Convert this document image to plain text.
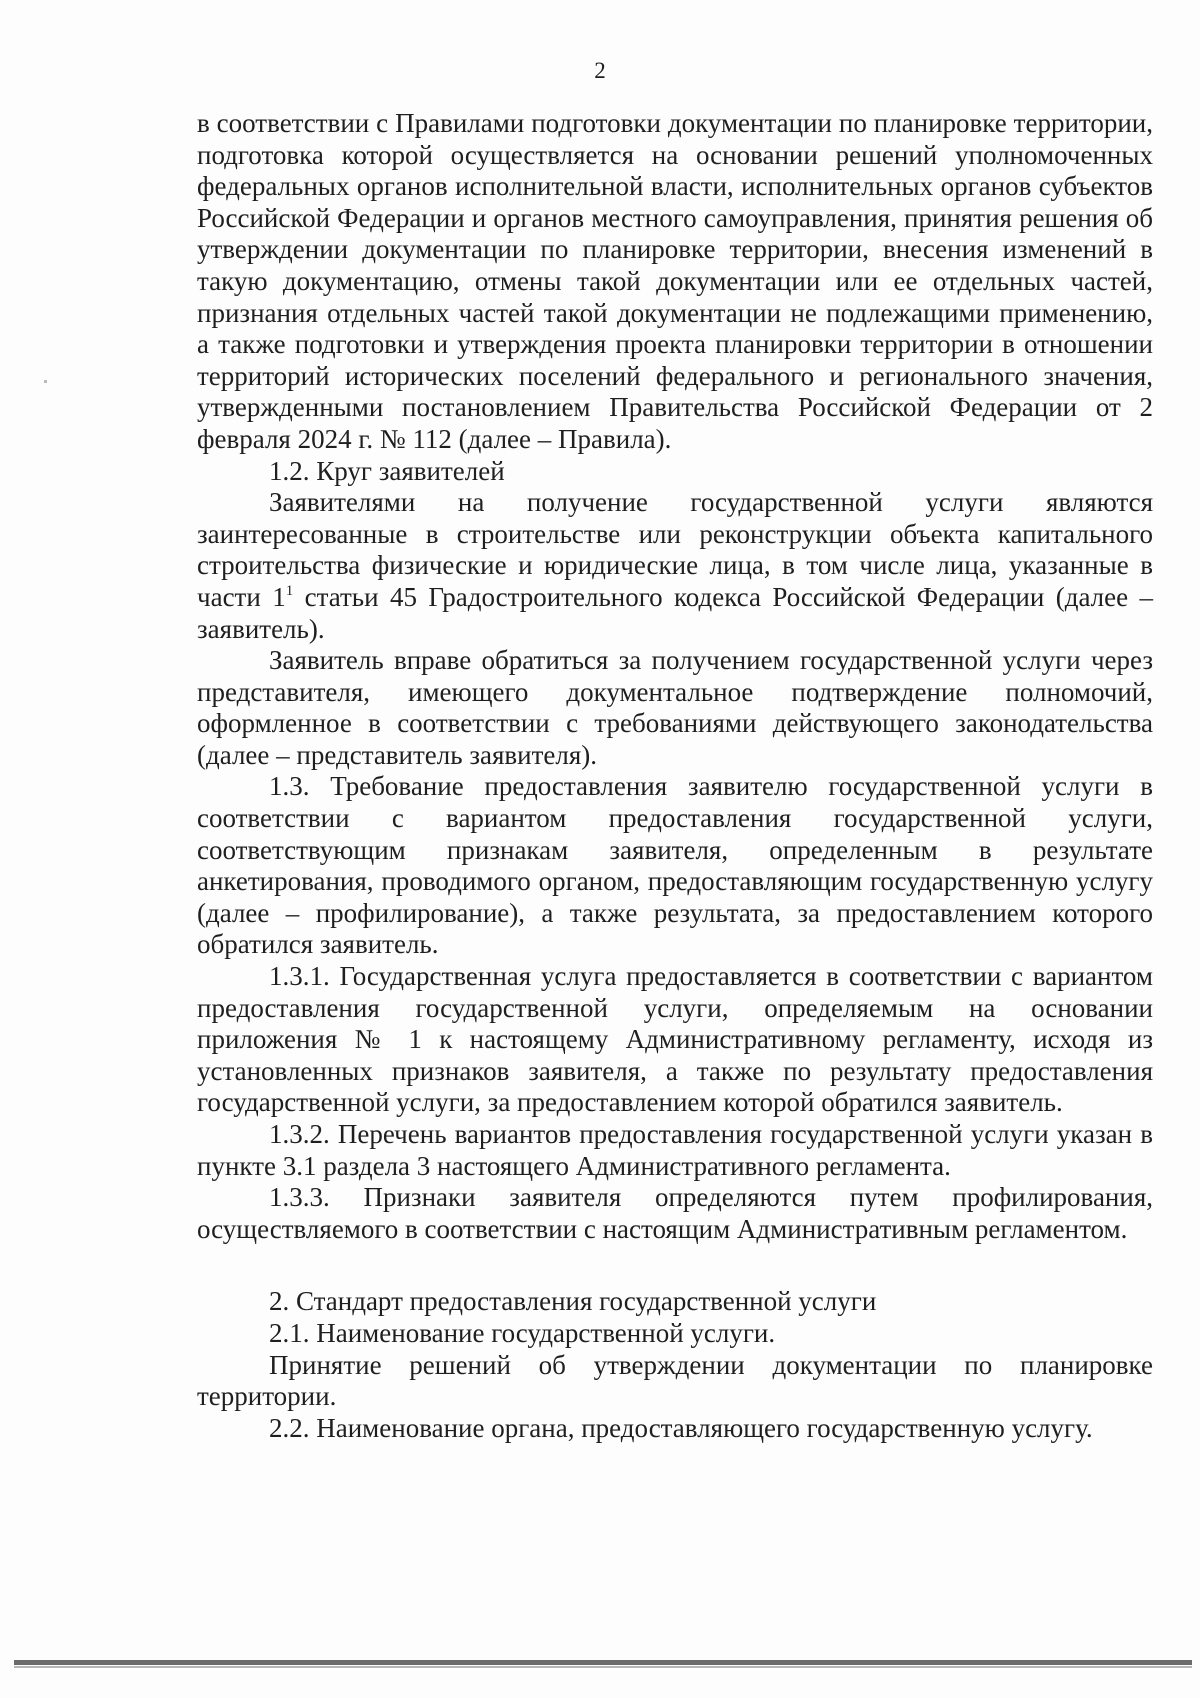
2

в соответствии с Правилами подготовки документации по планировке территории, подготовка которой осуществляется на основании решений уполномоченных федеральных органов исполнительной власти, исполнительных органов субъектов Российской Федерации и органов местного самоуправления, принятия решения об утверждении документации по планировке территории, внесения изменений в такую документацию, отмены такой документации или ее отдельных частей, признания отдельных частей такой документации не подлежащими применению, а также подготовки и утверждения проекта планировки территории в отношении территорий исторических поселений федерального и регионального значения, утвержденными постановлением Правительства Российской Федерации от 2 февраля 2024 г. № 112 (далее – Правила).

1.2. Круг заявителей

Заявителями на получение государственной услуги являются заинтересованные в строительстве или реконструкции объекта капитального строительства физические и юридические лица, в том числе лица, указанные в части $1^1$ статьи 45 Градостроительного кодекса Российской Федерации (далее – заявитель).

Заявитель вправе обратиться за получением государственной услуги через представителя, имеющего документальное подтверждение полномочий, оформленное в соответствии с требованиями действующего законодательства (далее – представитель заявителя).

1.3. Требование предоставления заявителю государственной услуги в соответствии с вариантом предоставления государственной услуги, соответствующим признакам заявителя, определенным в результате анкетирования, проводимого органом, предоставляющим государственную услугу (далее – профилирование), а также результата, за предоставлением которого обратился заявитель.

1.3.1. Государственная услуга предоставляется в соответствии с вариантом предоставления государственной услуги, определяемым на основании приложения № 1 к настоящему Административному регламенту, исходя из установленных признаков заявителя, а также по результату предоставления государственной услуги, за предоставлением которой обратился заявитель.

1.3.2. Перечень вариантов предоставления государственной услуги указан в пункте 3.1 раздела 3 настоящего Административного регламента.

1.3.3. Признаки заявителя определяются путем профилирования, осуществляемого в соответствии с настоящим Административным регламентом.

2. Стандарт предоставления государственной услуги

2.1. Наименование государственной услуги.

Принятие решений об утверждении документации по планировке территории.

2.2. Наименование органа, предоставляющего государственную услугу.
